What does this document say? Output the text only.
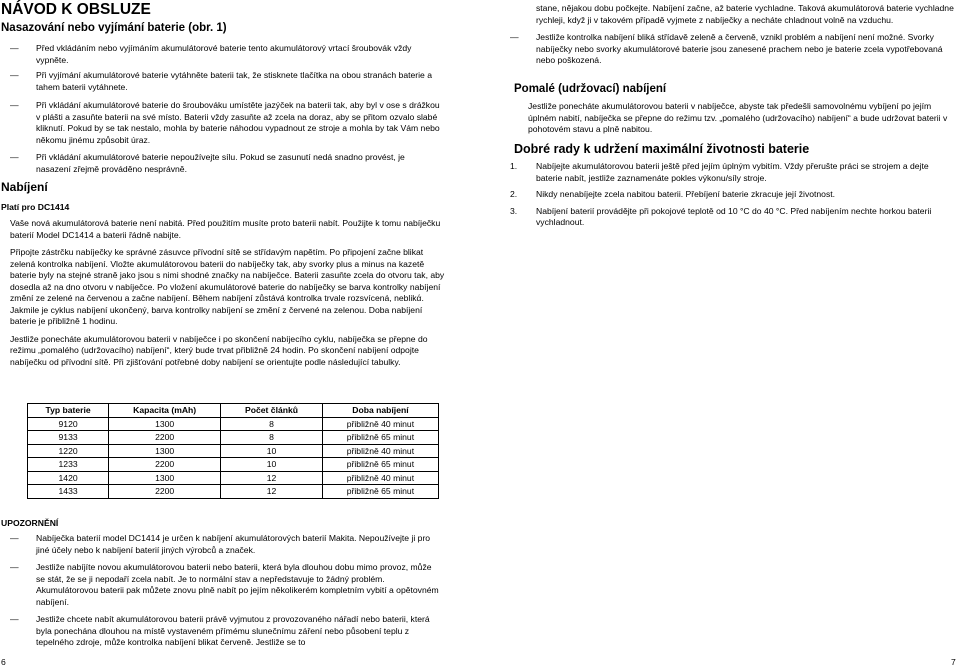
NÁVOD K OBSLUZE
Nasazování nebo vyjímání baterie (obr. 1)
— Před vkládáním nebo vyjímáním akumulátorové baterie tento akumulátorový vrtací šroubovák vždy vypněte.
— Při vyjímání akumulátorové baterie vytáhněte baterii tak, že stisknete tlačítka na obou stranách baterie a tahem baterii vytáhnete.
— Při vkládání akumulátorové baterie do šroubováku umístěte jazýček na baterii tak, aby byl v ose s drážkou v plášti a zasuňte baterii na své místo. Baterii vždy zasuňte až zcela na doraz, aby se přitom ozvalo slabé kliknutí. Pokud by se tak nestalo, mohla by baterie náhodou vypadnout ze stroje a mohla by tak Vám nebo někomu jinému způsobit úraz.
— Při vkládání akumulátorové baterie nepoužívejte sílu. Pokud se zasunutí nedá snadno provést, je nasazení zřejmě prováděno nesprávně.
Nabíjení
Platí pro DC1414

Vaše nová akumulátorová baterie není nabitá. Před použitím musíte proto baterii nabít. Použijte k tomu nabíječku baterií Model DC1414 a baterii řádně nabijte.

Připojte zástrčku nabíječky ke správné zásuvce přívodní sítě se střídavým napětím. Po připojení začne blikat zelená kontrolka nabíjení. Vložte akumulátorovou baterii do nabíječky tak, aby svorky plus a minus na kazetě baterie byly na stejné straně jako jsou s nimi shodné značky na nabíječce. Baterii zasuňte zcela do otvoru tak, aby dosedla až na dno otvoru v nabíječce. Po vložení akumulátorové baterie do nabíječky se barva kontrolky nabíjení změní ze zelené na červenou a začne nabíjení. Během nabíjení zůstává kontrolka trvale rozsvícená, neblikά. Jakmile je cyklus nabíjení ukončený, barva kontrolky nabíjení se změní z červené na zelenou. Doba nabíjení baterie je přibližně 1 hodinu.

Jestliže ponecháte akumulátorovou baterii v nabíječce i po skončení nabíjecího cyklu, nabíječka se přepne do režimu „pomalého (udržovacího) nabíjení“, který bude trvat přibližně 24 hodin. Po skončení nabíjení odpojte nabíječku od přívodní sítě. Při zjišťování potřebné doby nabíjení se orientujte podle následující tabulky.

Typ baterie	Kapacita (mAh)	Počet článků	Doba nabíjení
9120	1300	8	přibližně 40 minut
9133	2200	8	přibližně 65 minut
1220	1300	10	přibližně 40 minut
1233	2200	10	přibližně 65 minut
1420	1300	12	přibližně 40 minut
1433	2200	12	přibližně 65 minut
UPOZORNĚNÍ
— Nabíječka baterií model DC1414 je určen k nabíjení akumulátorových baterií Makita. Nepoužívejte ji pro jiné účely nebo k nabíjení baterií jiných výrobců a značek.
— Jestliže nabíjíte novou akumulátorovou baterii nebo baterii, která byla dlouhou dobu mimo provoz, může se stát, že se ji nepodaří zcela nabít. Je to normální stav a nepředstavuje to žádný problém. Akumulátorovou baterii pak můžete znovu plně nabít po jejím několikerém kompletním vybití a opětovném nabíjení.
— Jestliže chcete nabít akumulátorovou baterii právě vyjmutou z provozovaného nářadí nebo baterii, která byla ponechána dlouhou na místě vystaveném přímému slunečnímu záření nebo působení teplu z tepelného zdroje, může kontrolka nabíjení blikat červeně. Jestliže se to
6

stane, nějakou dobu počkejte. Nabíjení začne, až baterie vychladne. Taková akumulátorová baterie vychladne rychleji, když ji v takovém případě vyjmete z nabíječky a necháte chladnout volně na vzduchu.

— Jestliže kontrolka nabíjení bliká střídavě zeleně a červeně, vznikl problém a nabíjení není možné. Svorky nabíječky nebo svorky akumulátorové baterie jsou zanesené prachem nebo je baterie zcela vypotřebovaná nebo poškozená.
Pomalé (udržovací) nabíjení

Jestliže ponecháte akumulátorovou baterii v nabíječce, abyste tak předešli samovolnému vybíjení po jejím úplném nabití, nabíječka se přepne do režimu tzv. „pomalého (udržovacího) nabíjení“ a bude udržovat baterii v pohotovém stavu a plně nabitou.

Dobré rady k udržení maximální životnosti baterie
1. Nabíjejte akumulátorovou baterii ještě před jejím úplným vybitím. Vždy přerušte práci se strojem a dejte baterie nabít, jestliže zaznamenáte pokles výkonu/síly stroje.
2. Nikdy nenabíjejte zcela nabitou baterii. Přebíjení baterie zkracuje její životnost.
3. Nabíjení baterií provádějte při pokojové teplotě od 10 °C do 40 °C. Před nabíjením nechte horkou baterii vychladnout.
7
